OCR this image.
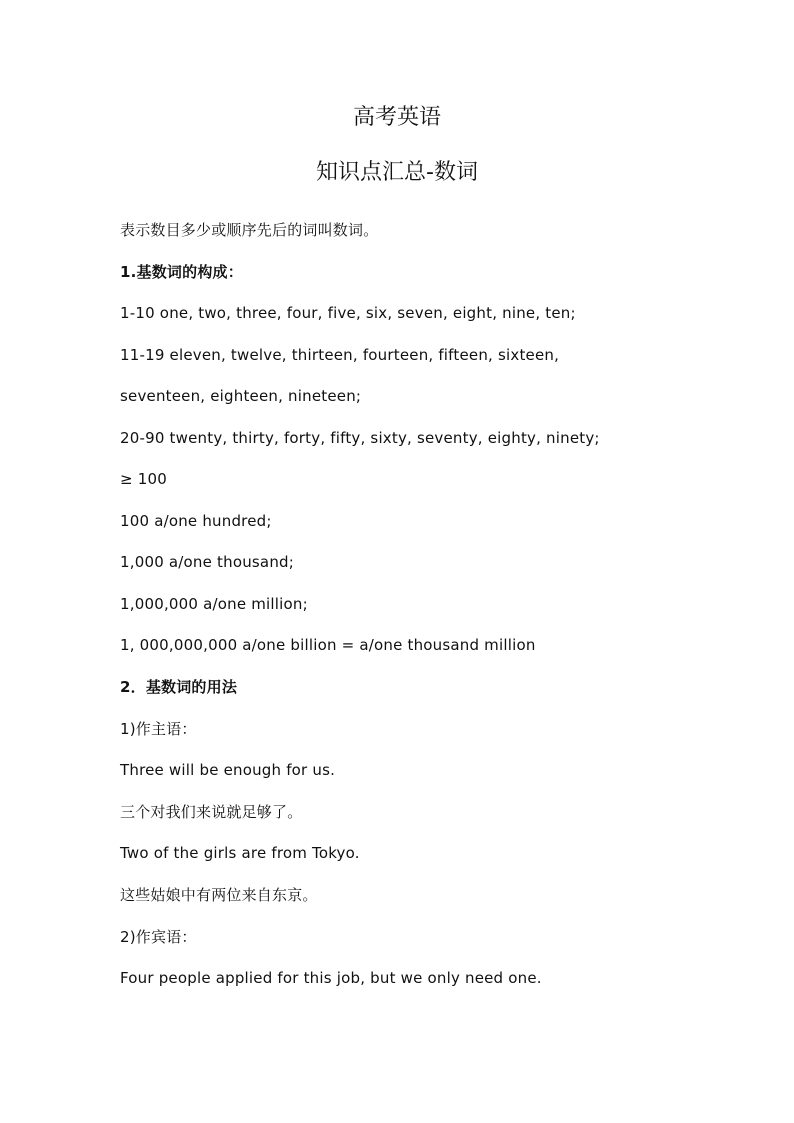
高考英语
知识点汇总-数词
表示数目多少或顺序先后的词叫数词。
1.基数词的构成：
1-10 one, two, three, four, five, six, seven, eight, nine, ten;
11-19 eleven, twelve, thirteen, fourteen, fifteen, sixteen,
seventeen, eighteen, nineteen;
20-90 twenty, thirty, forty, fifty, sixty, seventy, eighty, ninety;
≥ 100
100 a/one hundred;
1,000 a/one thousand;
1,000,000 a/one million;
1, 000,000,000 a/one billion = a/one thousand million
2．基数词的用法
1)作主语：
Three will be enough for us.
三个对我们来说就足够了。
Two of the girls are from Tokyo.
这些姑娘中有两位来自东京。
2)作宾语：
Four people applied for this job, but we only need one.
